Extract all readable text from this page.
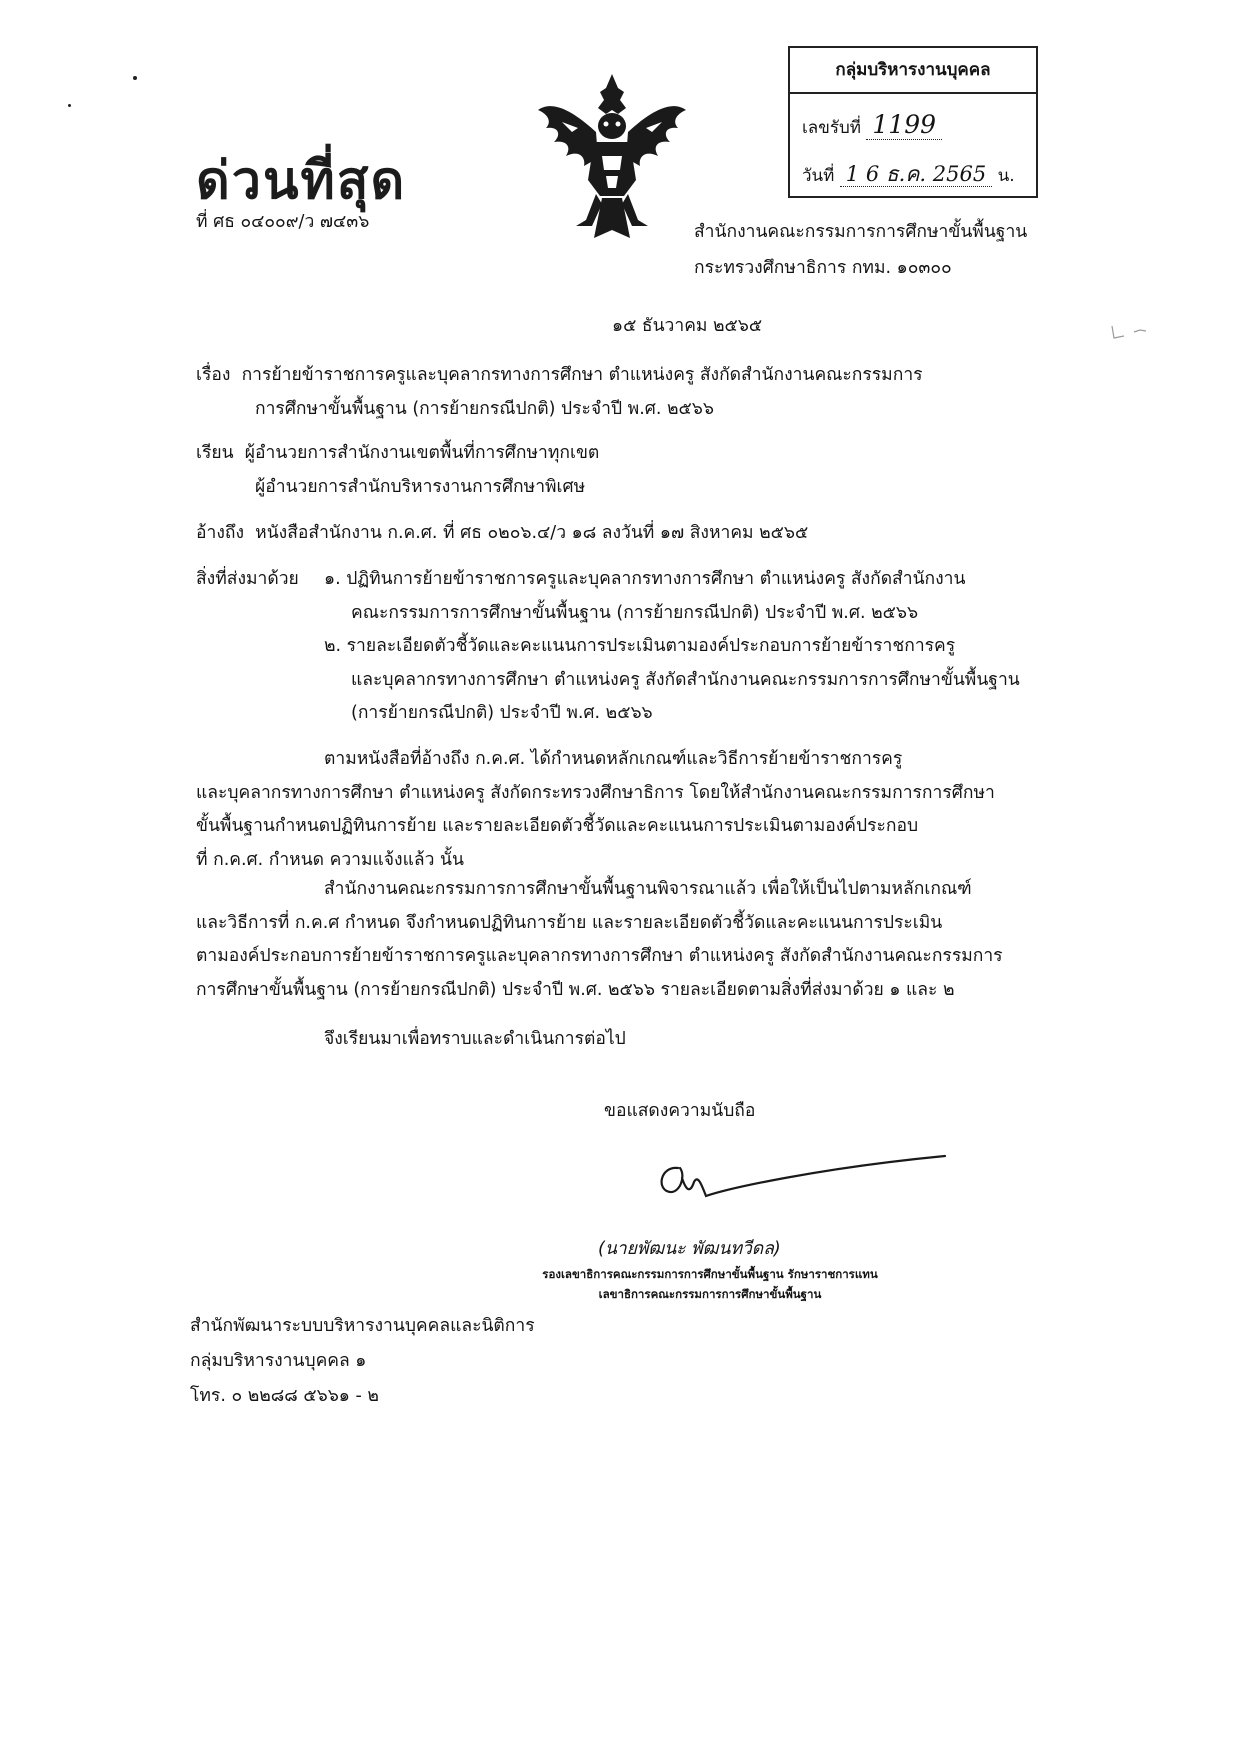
ด่วนที่สุด
ที่ ศธ ๐๔๐๐๙/ว ๗๔๓๖
กลุ่มบริหารงานบุคคล
เลขรับที่ 1199
วันที่ 1 6 ธ.ค. 2565 น.
สำนักงานคณะกรรมการการศึกษาขั้นพื้นฐาน
กระทรวงศึกษาธิการ กทม. ๑๐๓๐๐
๑๕ ธันวาคม ๒๕๖๕
เรื่อง การย้ายข้าราชการครูและบุคลากรทางการศึกษา ตำแหน่งครู สังกัดสำนักงานคณะกรรมการ
การศึกษาขั้นพื้นฐาน (การย้ายกรณีปกติ) ประจำปี พ.ศ. ๒๕๖๖
เรียน ผู้อำนวยการสำนักงานเขตพื้นที่การศึกษาทุกเขต
ผู้อำนวยการสำนักบริหารงานการศึกษาพิเศษ
อ้างถึง หนังสือสำนักงาน ก.ค.ศ. ที่ ศธ ๐๒๐๖.๔/ว ๑๘ ลงวันที่ ๑๗ สิงหาคม ๒๕๖๕
สิ่งที่ส่งมาด้วย ๑. ปฏิทินการย้ายข้าราชการครูและบุคลากรทางการศึกษา ตำแหน่งครู สังกัดสำนักงาน
คณะกรรมการการศึกษาขั้นพื้นฐาน (การย้ายกรณีปกติ) ประจำปี พ.ศ. ๒๕๖๖
๒. รายละเอียดตัวชี้วัดและคะแนนการประเมินตามองค์ประกอบการย้ายข้าราชการครู
และบุคลากรทางการศึกษา ตำแหน่งครู สังกัดสำนักงานคณะกรรมการการศึกษาขั้นพื้นฐาน
(การย้ายกรณีปกติ) ประจำปี พ.ศ. ๒๕๖๖
ตามหนังสือที่อ้างถึง ก.ค.ศ. ได้กำหนดหลักเกณฑ์และวิธีการย้ายข้าราชการครู
และบุคลากรทางการศึกษา ตำแหน่งครู สังกัดกระทรวงศึกษาธิการ โดยให้สำนักงานคณะกรรมการการศึกษา
ขั้นพื้นฐานกำหนดปฏิทินการย้าย และรายละเอียดตัวชี้วัดและคะแนนการประเมินตามองค์ประกอบ
ที่ ก.ค.ศ. กำหนด ความแจ้งแล้ว นั้น
สำนักงานคณะกรรมการการศึกษาขั้นพื้นฐานพิจารณาแล้ว เพื่อให้เป็นไปตามหลักเกณฑ์
และวิธีการที่ ก.ค.ศ กำหนด จึงกำหนดปฏิทินการย้าย และรายละเอียดตัวชี้วัดและคะแนนการประเมิน
ตามองค์ประกอบการย้ายข้าราชการครูและบุคลากรทางการศึกษา ตำแหน่งครู สังกัดสำนักงานคณะกรรมการ
การศึกษาขั้นพื้นฐาน (การย้ายกรณีปกติ) ประจำปี พ.ศ. ๒๕๖๖ รายละเอียดตามสิ่งที่ส่งมาด้วย ๑ และ ๒
จึงเรียนมาเพื่อทราบและดำเนินการต่อไป
ขอแสดงความนับถือ
(นายพัฒนะ พัฒนทวีดล)
รองเลขาธิการคณะกรรมการการศึกษาขั้นพื้นฐาน รักษาราชการแทน
เลขาธิการคณะกรรมการการศึกษาขั้นพื้นฐาน
สำนักพัฒนาระบบบริหารงานบุคคลและนิติการ
กลุ่มบริหารงานบุคคล ๑
โทร. ๐ ๒๒๘๘ ๕๖๖๑ - ๒
